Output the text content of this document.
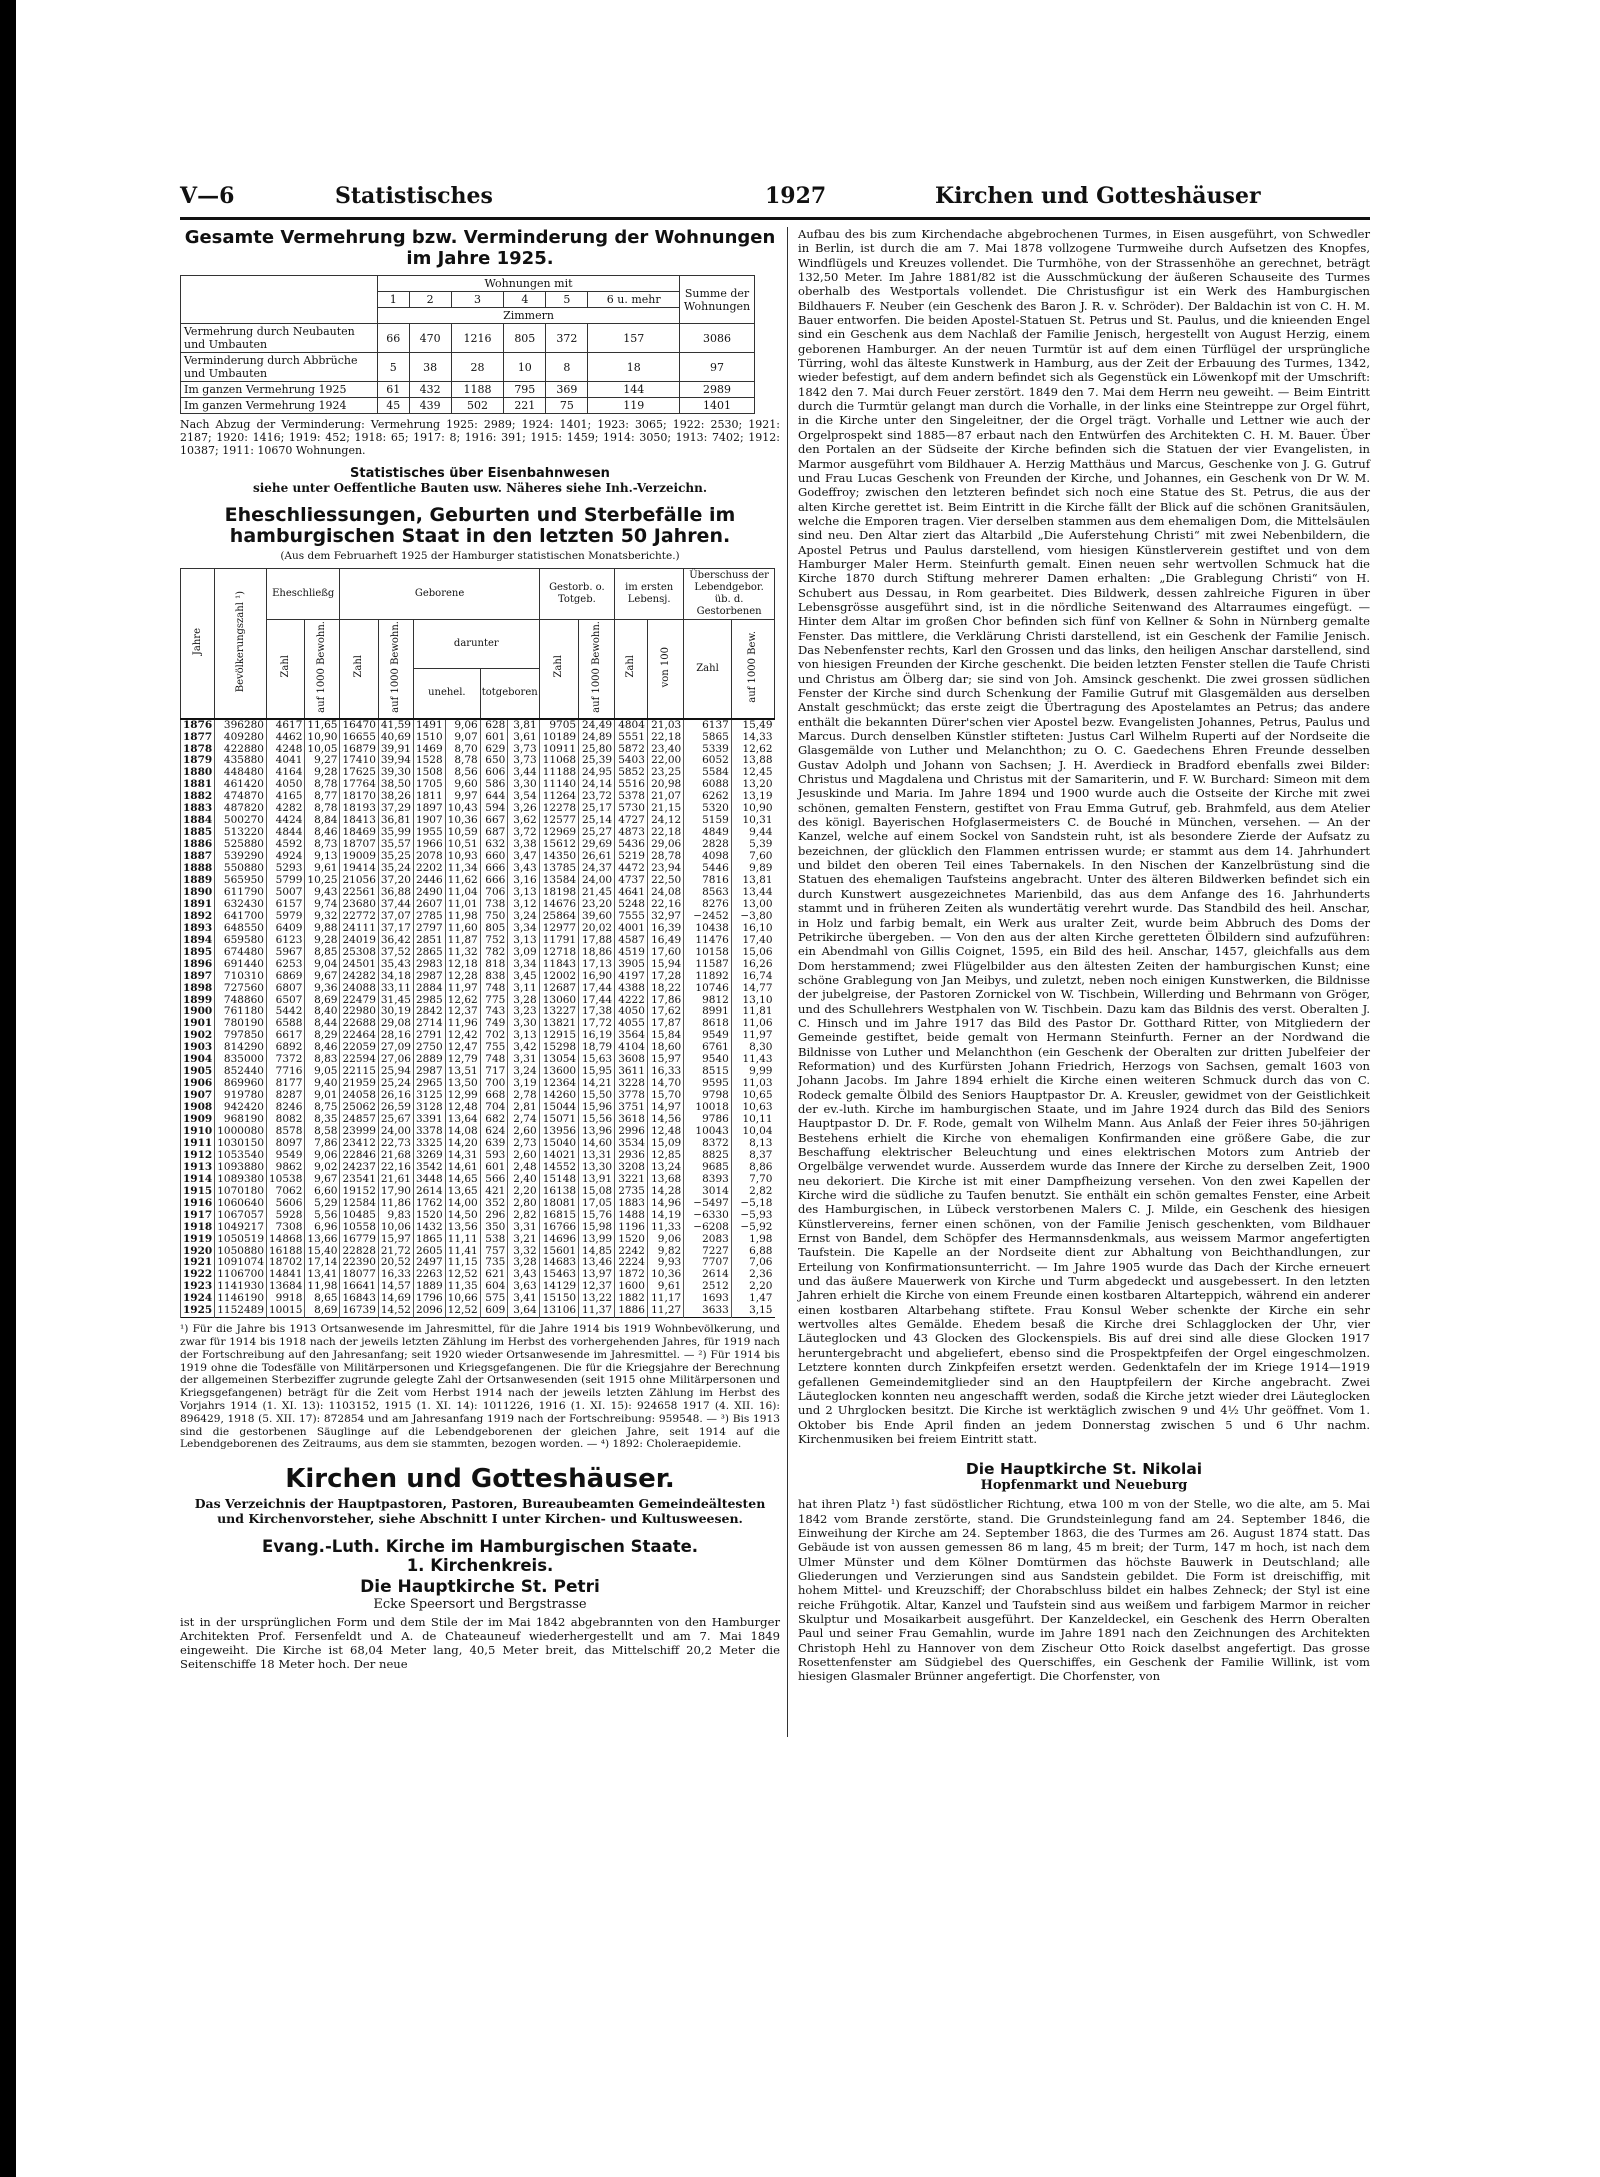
V—6	Statistisches	1927	Kirchen und Gotteshäuser
Gesamte Vermehrung bzw. Verminderung der Wohnungen im Jahre 1925.
	Wohnungen mit						Summe der Wohnungen
	1	2	3	4	5	6 u. mehr	
	Zimmern						
Vermehrung durch Neubauten und Umbauten	66	470	1216	805	372	157	3086
Verminderung durch Abbrüche und Umbauten	5	38	28	10	8	18	97
Im ganzen Vermehrung 1925	61	432	1188	795	369	144	2989
Im ganzen Vermehrung 1924	45	439	502	221	75	119	1401
Nach Abzug der Verminderung: Vermehrung 1925: 2989; 1924: 1401; 1923: 3065; 1922: 2530; 1921: 2187; 1920: 1416; 1919: 452; 1918: 65; 1917: 8; 1916: 391; 1915: 1459; 1914: 3050; 1913: 7402; 1912: 10387; 1911: 10670 Wohnungen.
Statistisches über Eisenbahnwesen
siehe unter Oeffentliche Bauten usw. Näheres siehe Inh.-Verzeichn.
Eheschliessungen, Geburten und Sterbefälle im hamburgischen Staat in den letzten 50 Jahren.
(Aus dem Februarheft 1925 der Hamburger statistischen Monatsberichte.)
Jahre	Bevölkerungszahl ¹)	Eheschließg		Geborene						Gestorb. o. Totgeb.		im ersten Lebensj.		Überschuss der Lebendgebor. üb. d. Gestorbenen	
		Zahl	auf 1000 Bewohn.	Zahl	auf 1000 Bewohn.	darunter				Zahl	auf 1000 Bewohn.	Zahl	von 100	Zahl	auf 1000 Bew.
						unehel.		totgeboren							
1876	396280	4617	11,65	16470	41,59	1491	9,06	628	3,81	9705	24,49	4804	21,03	6137	15,49
1877	409280	4462	10,90	16655	40,69	1510	9,07	601	3,61	10189	24,89	5551	22,18	5865	14,33
1878	422880	4248	10,05	16879	39,91	1469	8,70	629	3,73	10911	25,80	5872	23,40	5339	12,62
1879	435880	4041	9,27	17410	39,94	1528	8,78	650	3,73	11068	25,39	5403	22,00	6052	13,88
1880	448480	4164	9,28	17625	39,30	1508	8,56	606	3,44	11188	24,95	5852	23,25	5584	12,45
1881	461420	4050	8,78	17764	38,50	1705	9,60	586	3,30	11140	24,14	5516	20,98	6088	13,20
1882	474870	4165	8,77	18170	38,26	1811	9,97	644	3,54	11264	23,72	5378	21,07	6262	13,19
1883	487820	4282	8,78	18193	37,29	1897	10,43	594	3,26	12278	25,17	5730	21,15	5320	10,90
1884	500270	4424	8,84	18413	36,81	1907	10,36	667	3,62	12577	25,14	4727	24,12	5159	10,31
1885	513220	4844	8,46	18469	35,99	1955	10,59	687	3,72	12969	25,27	4873	22,18	4849	9,44
1886	525880	4592	8,73	18707	35,57	1966	10,51	632	3,38	15612	29,69	5436	29,06	2828	5,39
1887	539290	4924	9,13	19009	35,25	2078	10,93	660	3,47	14350	26,61	5219	28,78	4098	7,60
1888	550880	5293	9,61	19414	35,24	2202	11,34	666	3,43	13785	24,37	4472	23,94	5446	9,89
1889	565950	5799	10,25	21056	37,20	2446	11,62	666	3,16	13584	24,00	4737	22,50	7816	13,81
1890	611790	5007	9,43	22561	36,88	2490	11,04	706	3,13	18198	21,45	4641	24,08	8563	13,44
1891	632430	6157	9,74	23680	37,44	2607	11,01	738	3,12	14676	23,20	5248	22,16	8276	13,00
1892	641700	5979	9,32	22772	37,07	2785	11,98	750	3,24	25864	39,60	7555	32,97	−2452	−3,80
1893	648550	6409	9,88	24111	37,17	2797	11,60	805	3,34	12977	20,02	4001	16,39	10438	16,10
1894	659580	6123	9,28	24019	36,42	2851	11,87	752	3,13	11791	17,88	4587	16,49	11476	17,40
1895	674480	5967	8,85	25308	37,52	2865	11,32	782	3,09	12718	18,86	4519	17,60	10158	15,06
1896	691440	6253	9,04	24501	35,43	2983	12,18	818	3,34	11843	17,13	3905	15,94	11587	16,26
1897	710310	6869	9,67	24282	34,18	2987	12,28	838	3,45	12002	16,90	4197	17,28	11892	16,74
1898	727560	6807	9,36	24088	33,11	2884	11,97	748	3,11	12687	17,44	4388	18,22	10746	14,77
1899	748860	6507	8,69	22479	31,45	2985	12,62	775	3,28	13060	17,44	4222	17,86	9812	13,10
1900	761180	5442	8,40	22980	30,19	2842	12,37	743	3,23	13227	17,38	4050	17,62	8991	11,81
1901	780190	6588	8,44	22688	29,08	2714	11,96	749	3,30	13821	17,72	4055	17,87	8618	11,06
1902	797850	6617	8,29	22464	28,16	2791	12,42	702	3,13	12915	16,19	3564	15,84	9549	11,97
1903	814290	6892	8,46	22059	27,09	2750	12,47	755	3,42	15298	18,79	4104	18,60	6761	8,30
1904	835000	7372	8,83	22594	27,06	2889	12,79	748	3,31	13054	15,63	3608	15,97	9540	11,43
1905	852440	7716	9,05	22115	25,94	2987	13,51	717	3,24	13600	15,95	3611	16,33	8515	9,99
1906	869960	8177	9,40	21959	25,24	2965	13,50	700	3,19	12364	14,21	3228	14,70	9595	11,03
1907	919780	8287	9,01	24058	26,16	3125	12,99	668	2,78	14260	15,50	3778	15,70	9798	10,65
1908	942420	8246	8,75	25062	26,59	3128	12,48	704	2,81	15044	15,96	3751	14,97	10018	10,63
1909	968190	8082	8,35	24857	25,67	3391	13,64	682	2,74	15071	15,56	3618	14,56	9786	10,11
1910	1000080	8578	8,58	23999	24,00	3378	14,08	624	2,60	13956	13,96	2996	12,48	10043	10,04
1911	1030150	8097	7,86	23412	22,73	3325	14,20	639	2,73	15040	14,60	3534	15,09	8372	8,13
1912	1053540	9549	9,06	22846	21,68	3269	14,31	593	2,60	14021	13,31	2936	12,85	8825	8,37
1913	1093880	9862	9,02	24237	22,16	3542	14,61	601	2,48	14552	13,30	3208	13,24	9685	8,86
1914	1089380	10538	9,67	23541	21,61	3448	14,65	566	2,40	15148	13,91	3221	13,68	8393	7,70
1915	1070180	7062	6,60	19152	17,90	2614	13,65	421	2,20	16138	15,08	2735	14,28	3014	2,82
1916	1060640	5606	5,29	12584	11,86	1762	14,00	352	2,80	18081	17,05	1883	14,96	−5497	−5,18
1917	1067057	5928	5,56	10485	9,83	1520	14,50	296	2,82	16815	15,76	1488	14,19	−6330	−5,93
1918	1049217	7308	6,96	10558	10,06	1432	13,56	350	3,31	16766	15,98	1196	11,33	−6208	−5,92
1919	1050519	14868	13,66	16779	15,97	1865	11,11	538	3,21	14696	13,99	1520	9,06	2083	1,98
1920	1050880	16188	15,40	22828	21,72	2605	11,41	757	3,32	15601	14,85	2242	9,82	7227	6,88
1921	1091074	18702	17,14	22390	20,52	2497	11,15	735	3,28	14683	13,46	2224	9,93	7707	7,06
1922	1106700	14841	13,41	18077	16,33	2263	12,52	621	3,43	15463	13,97	1872	10,36	2614	2,36
1923	1141930	13684	11,98	16641	14,57	1889	11,35	604	3,63	14129	12,37	1600	9,61	2512	2,20
1924	1146190	9918	8,65	16843	14,69	1796	10,66	575	3,41	15150	13,22	1882	11,17	1693	1,47
1925	1152489	10015	8,69	16739	14,52	2096	12,52	609	3,64	13106	11,37	1886	11,27	3633	3,15
¹) Für die Jahre bis 1913 Ortsanwesende im Jahresmittel, für die Jahre 1914 bis 1919 Wohnbevölkerung, und zwar für 1914 bis 1918 nach der jeweils letzten Zählung im Herbst des vorhergehenden Jahres, für 1919 nach der Fortschreibung auf den Jahresanfang; seit 1920 wieder Ortsanwesende im Jahresmittel. — ²) Für 1914 bis 1919 ohne die Todesfälle von Militärpersonen und Kriegsgefangenen. Die für die Kriegsjahre der Berechnung der allgemeinen Sterbeziffer zugrunde gelegte Zahl der Ortsanwesenden (seit 1915 ohne Militärpersonen und Kriegsgefangenen) beträgt für die Zeit vom Herbst 1914 nach der jeweils letzten Zählung im Herbst des Vorjahrs 1914 (1. XI. 13): 1103152, 1915 (1. XI. 14): 1011226, 1916 (1. XI. 15): 924658 1917 (4. XII. 16): 896429, 1918 (5. XII. 17): 872854 und am Jahresanfang 1919 nach der Fortschreibung: 959548. — ³) Bis 1913 sind die gestorbenen Säuglinge auf die Lebendgeborenen der gleichen Jahre, seit 1914 auf die Lebendgeborenen des Zeitraums, aus dem sie stammten, bezogen worden. — ⁴) 1892: Choleraepidemie.
Kirchen und Gotteshäuser.
Das Verzeichnis der Hauptpastoren, Pastoren, Bureaubeamten Gemeindeältesten und Kirchenvorsteher, siehe Abschnitt I unter Kirchen- und Kultusweesen.
Evang.-Luth. Kirche im Hamburgischen Staate.
1. Kirchenkreis.
Die Hauptkirche St. Petri
Ecke Speersort und Bergstrasse

ist in der ursprünglichen Form und dem Stile der im Mai 1842 abgebrannten von den Hamburger Architekten Prof. Fersenfeldt und A. de Chateauneuf wiederhergestellt und am 7. Mai 1849 eingeweiht. Die Kirche ist 68,04 Meter lang, 40,5 Meter breit, das Mittelschiff 20,2 Meter die Seitenschiffe 18 Meter hoch. Der neue

Aufbau des bis zum Kirchendache abgebrochenen Turmes, in Eisen ausgeführt, von Schwedler in Berlin, ist durch die am 7. Mai 1878 vollzogene Turmweihe durch Aufsetzen des Knopfes, Windflügels und Kreuzes vollendet. Die Turmhöhe, von der Strassenhöhe an gerechnet, beträgt 132,50 Meter. Im Jahre 1881/82 ist die Ausschmückung der äußeren Schauseite des Turmes oberhalb des Westportals vollendet. Die Christusfigur ist ein Werk des Hamburgischen Bildhauers F. Neuber (ein Geschenk des Baron J. R. v. Schröder). Der Baldachin ist von C. H. M. Bauer entworfen. Die beiden Apostel-Statuen St. Petrus und St. Paulus, und die knieenden Engel sind ein Geschenk aus dem Nachlaß der Familie Jenisch, hergestellt von August Herzig, einem geborenen Hamburger. An der neuen Turmtür ist auf dem einen Türflügel der ursprüngliche Türring, wohl das älteste Kunstwerk in Hamburg, aus der Zeit der Erbauung des Turmes, 1342, wieder befestigt, auf dem andern befindet sich als Gegenstück ein Löwenkopf mit der Umschrift: 1842 den 7. Mai durch Feuer zerstört. 1849 den 7. Mai dem Herrn neu geweiht. — Beim Eintritt durch die Turmtür gelangt man durch die Vorhalle, in der links eine Steintreppe zur Orgel führt, in die Kirche unter den Singeleitner, der die Orgel trägt. Vorhalle und Lettner wie auch der Orgelprospekt sind 1885—87 erbaut nach den Entwürfen des Architekten C. H. M. Bauer. Über den Portalen an der Südseite der Kirche befinden sich die Statuen der vier Evangelisten, in Marmor ausgeführt vom Bildhauer A. Herzig Matthäus und Marcus, Geschenke von J. G. Gutruf und Frau Lucas Geschenk von Freunden der Kirche, und Johannes, ein Geschenk von Dr W. M. Godeffroy; zwischen den letzteren befindet sich noch eine Statue des St. Petrus, die aus der alten Kirche gerettet ist. Beim Eintritt in die Kirche fällt der Blick auf die schönen Granitsäulen, welche die Emporen tragen. Vier derselben stammen aus dem ehemaligen Dom, die Mittelsäulen sind neu. Den Altar ziert das Altarbild „Die Auferstehung Christi“ mit zwei Nebenbildern, die Apostel Petrus und Paulus darstellend, vom hiesigen Künstlerverein gestiftet und von dem Hamburger Maler Herm. Steinfurth gemalt. Einen neuen sehr wertvollen Schmuck hat die Kirche 1870 durch Stiftung mehrerer Damen erhalten: „Die Grablegung Christi“ von H. Schubert aus Dessau, in Rom gearbeitet. Dies Bildwerk, dessen zahlreiche Figuren in über Lebensgrösse ausgeführt sind, ist in die nördliche Seitenwand des Altarraumes eingefügt. — Hinter dem Altar im großen Chor befinden sich fünf von Kellner & Sohn in Nürnberg gemalte Fenster. Das mittlere, die Verklärung Christi darstellend, ist ein Geschenk der Familie Jenisch. Das Nebenfenster rechts, Karl den Grossen und das links, den heiligen Anschar darstellend, sind von hiesigen Freunden der Kirche geschenkt. Die beiden letzten Fenster stellen die Taufe Christi und Christus am Ölberg dar; sie sind von Joh. Amsinck geschenkt. Die zwei grossen südlichen Fenster der Kirche sind durch Schenkung der Familie Gutruf mit Glasgemälden aus derselben Anstalt geschmückt; das erste zeigt die Übertragung des Apostelamtes an Petrus; das andere enthält die bekannten Dürer'schen vier Apostel bezw. Evangelisten Johannes, Petrus, Paulus und Marcus. Durch denselben Künstler stifteten: Justus Carl Wilhelm Ruperti auf der Nordseite die Glasgemälde von Luther und Melanchthon; zu O. C. Gaedechens Ehren Freunde desselben Gustav Adolph und Johann von Sachsen; J. H. Averdieck in Bradford ebenfalls zwei Bilder: Christus und Magdalena und Christus mit der Samariterin, und F. W. Burchard: Simeon mit dem Jesuskinde und Maria. Im Jahre 1894 und 1900 wurde auch die Ostseite der Kirche mit zwei schönen, gemalten Fenstern, gestiftet von Frau Emma Gutruf, geb. Brahmfeld, aus dem Atelier des königl. Bayerischen Hofglasermeisters C. de Bouché in München, versehen. — An der Kanzel, welche auf einem Sockel von Sandstein ruht, ist als besondere Zierde der Aufsatz zu bezeichnen, der glücklich den Flammen entrissen wurde; er stammt aus dem 14. Jahrhundert und bildet den oberen Teil eines Tabernakels. In den Nischen der Kanzelbrüstung sind die Statuen des ehemaligen Taufsteins angebracht. Unter des älteren Bildwerken befindet sich ein durch Kunstwert ausgezeichnetes Marienbild, das aus dem Anfange des 16. Jahrhunderts stammt und in früheren Zeiten als wundertätig verehrt wurde. Das Standbild des heil. Anschar, in Holz und farbig bemalt, ein Werk aus uralter Zeit, wurde beim Abbruch des Doms der Petrikirche übergeben. — Von den aus der alten Kirche geretteten Ölbildern sind aufzuführen: ein Abendmahl von Gillis Coignet, 1595, ein Bild des heil. Anschar, 1457, gleichfalls aus dem Dom herstammend; zwei Flügelbilder aus den ältesten Zeiten der hamburgischen Kunst; eine schöne Grablegung von Jan Meibys, und zuletzt, neben noch einigen Kunstwerken, die Bildnisse der jubelgreise, der Pastoren Zornickel von W. Tischbein, Willerding und Behrmann von Gröger, und des Schullehrers Westphalen von W. Tischbein. Dazu kam das Bildnis des verst. Oberalten J. C. Hinsch und im Jahre 1917 das Bild des Pastor Dr. Gotthard Ritter, von Mitgliedern der Gemeinde gestiftet, beide gemalt von Hermann Steinfurth. Ferner an der Nordwand die Bildnisse von Luther und Melanchthon (ein Geschenk der Oberalten zur dritten Jubelfeier der Reformation) und des Kurfürsten Johann Friedrich, Herzogs von Sachsen, gemalt 1603 von Johann Jacobs. Im Jahre 1894 erhielt die Kirche einen weiteren Schmuck durch das von C. Rodeck gemalte Ölbild des Seniors Hauptpastor Dr. A. Kreusler, gewidmet von der Geistlichkeit der ev.-luth. Kirche im hamburgischen Staate, und im Jahre 1924 durch das Bild des Seniors Hauptpastor D. Dr. F. Rode, gemalt von Wilhelm Mann. Aus Anlaß der Feier ihres 50-jährigen Bestehens erhielt die Kirche von ehemaligen Konfirmanden eine größere Gabe, die zur Beschaffung elektrischer Beleuchtung und eines elektrischen Motors zum Antrieb der Orgelbälge verwendet wurde. Ausserdem wurde das Innere der Kirche zu derselben Zeit, 1900 neu dekoriert. Die Kirche ist mit einer Dampfheizung versehen. Von den zwei Kapellen der Kirche wird die südliche zu Taufen benutzt. Sie enthält ein schön gemaltes Fenster, eine Arbeit des Hamburgischen, in Lübeck verstorbenen Malers C. J. Milde, ein Geschenk des hiesigen Künstlervereins, ferner einen schönen, von der Familie Jenisch geschenkten, vom Bildhauer Ernst von Bandel, dem Schöpfer des Hermannsdenkmals, aus weissem Marmor angefertigten Taufstein. Die Kapelle an der Nordseite dient zur Abhaltung von Beichthandlungen, zur Erteilung von Konfirmationsunterricht. — Im Jahre 1905 wurde das Dach der Kirche erneuert und das äußere Mauerwerk von Kirche und Turm abgedeckt und ausgebessert. In den letzten Jahren erhielt die Kirche von einem Freunde einen kostbaren Altarteppich, während ein anderer einen kostbaren Altarbehang stiftete. Frau Konsul Weber schenkte der Kirche ein sehr wertvolles altes Gemälde. Ehedem besaß die Kirche drei Schlagglocken der Uhr, vier Läuteglocken und 43 Glocken des Glockenspiels. Bis auf drei sind alle diese Glocken 1917 heruntergebracht und abgeliefert, ebenso sind die Prospektpfeifen der Orgel eingeschmolzen. Letztere konnten durch Zinkpfeifen ersetzt werden. Gedenktafeln der im Kriege 1914—1919 gefallenen Gemeindemitglieder sind an den Hauptpfeilern der Kirche angebracht. Zwei Läuteglocken konnten neu angeschafft werden, sodaß die Kirche jetzt wieder drei Läuteglocken und 2 Uhrglocken besitzt. Die Kirche ist werktäglich zwischen 9 und 4½ Uhr geöffnet. Vom 1. Oktober bis Ende April finden an jedem Donnerstag zwischen 5 und 6 Uhr nachm. Kirchenmusiken bei freiem Eintritt statt.

Die Hauptkirche St. Nikolai
Hopfenmarkt und Neueburg

hat ihren Platz ¹) fast südöstlicher Richtung, etwa 100 m von der Stelle, wo die alte, am 5. Mai 1842 vom Brande zerstörte, stand. Die Grundsteinlegung fand am 24. September 1846, die Einweihung der Kirche am 24. September 1863, die des Turmes am 26. August 1874 statt. Das Gebäude ist von aussen gemessen 86 m lang, 45 m breit; der Turm, 147 m hoch, ist nach dem Ulmer Münster und dem Kölner Domtürmen das höchste Bauwerk in Deutschland; alle Gliederungen und Verzierungen sind aus Sandstein gebildet. Die Form ist dreischiffig, mit hohem Mittel- und Kreuzschiff; der Chorabschluss bildet ein halbes Zehneck; der Styl ist eine reiche Frühgotik. Altar, Kanzel und Taufstein sind aus weißem und farbigem Marmor in reicher Skulptur und Mosaikarbeit ausgeführt. Der Kanzeldeckel, ein Geschenk des Herrn Oberalten Paul und seiner Frau Gemahlin, wurde im Jahre 1891 nach den Zeichnungen des Architekten Christoph Hehl zu Hannover von dem Zischeur Otto Roick daselbst angefertigt. Das grosse Rosettenfenster am Südgiebel des Querschiffes, ein Geschenk der Familie Willink, ist vom hiesigen Glasmaler Brünner angefertigt. Die Chorfenster, von
